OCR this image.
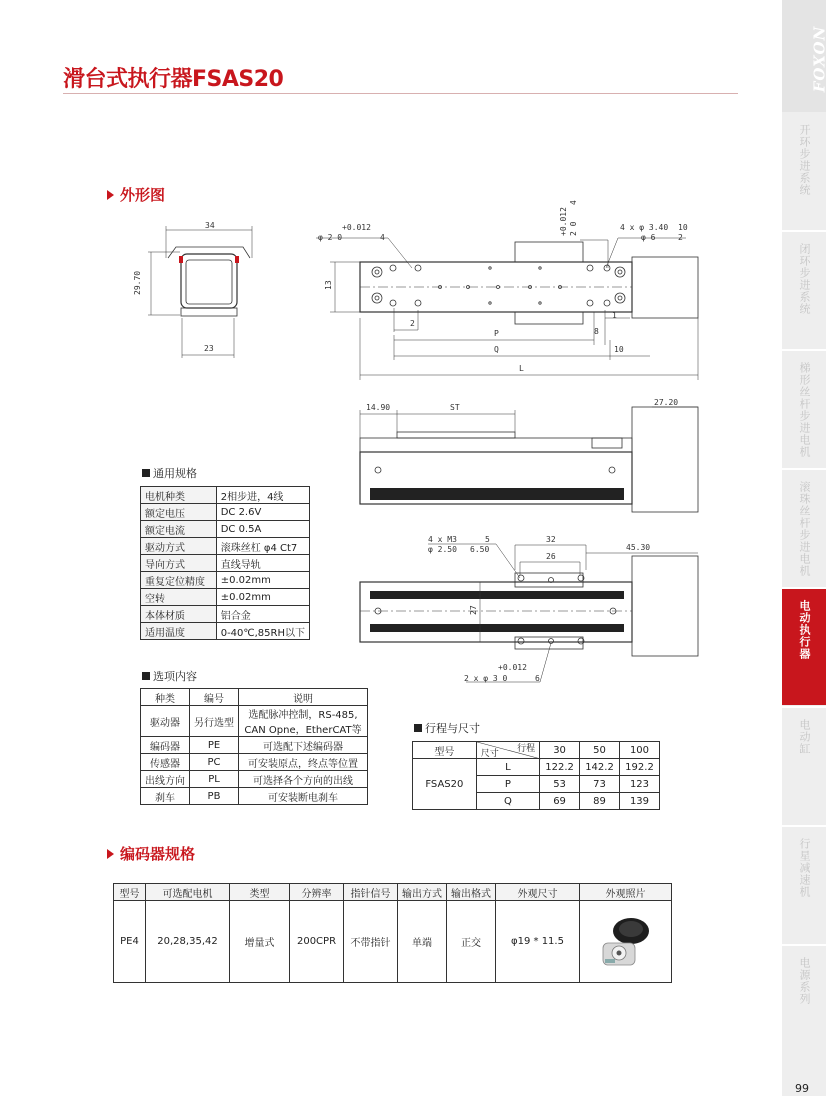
滑台式执行器FSAS20
外形图
34
29.70
23
+0.012
φ 2 0	4
+0.012 2 0
4
4 x φ 3.40 10
φ 6	2
13
2
1
8
P
Q	10
L
14.90	ST
27.20
4 x M3	5
φ 2.50 6.50
32
26
45.30
27
+0.012
2 x φ 3 0	6
通用规格
电机种类	2相步进，4线
额定电压	DC 2.6V
额定电流	DC 0.5A
驱动方式	滚珠丝杠 φ4 Ct7
导向方式	直线导轨
重复定位精度	±0.02mm
空转	±0.02mm
本体材质	铝合金
适用温度	0-40℃,85RH以下
选项内容
种类	编号	说明
驱动器	另行选型	选配脉冲控制，RS-485,
CAN Opne，EtherCAT等

编码器	PE	可选配下述编码器

传感器	PC	可安装原点，终点等位置

出线方向	PL	可选择各个方向的出线

刹车	PB	可安装断电刹车
行程与尺寸
型号	行程
尺寸	30	50	100
FSAS20	L	122.2	142.2	192.2
	P	53	73	123
	Q	69	89	139
编码器规格
型号	可选配电机	类型	分辨率	指针信号	输出方式	输出格式	外观尺寸	外观照片
PE4	20,28,35,42	增量式	200CPR	不带指针	单端	正交	φ19 * 11.5	
FOXON
开环步进系统
闭环步进系统
梯形丝杆步进电机
滚珠丝杆步进电机
电动执行器
电动缸
行星减速机
电源系列
99
